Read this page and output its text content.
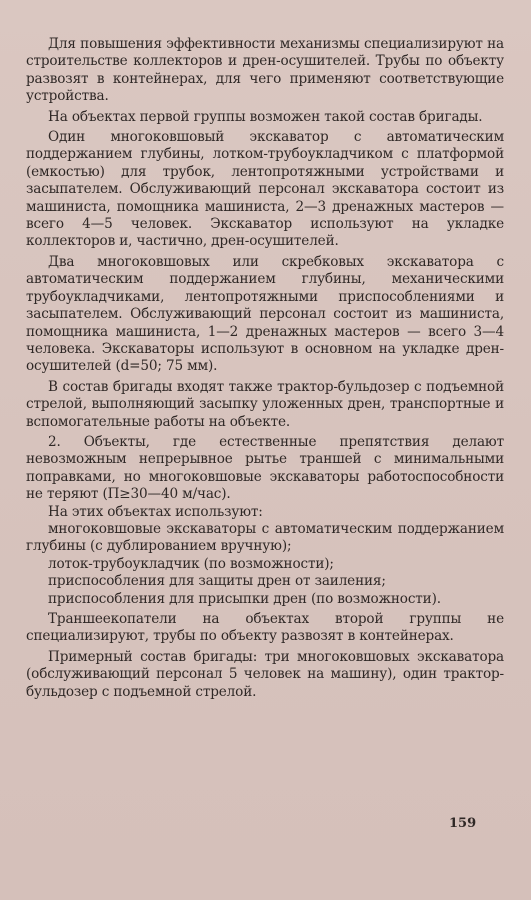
Для повышения эффективности механизмы специализируют на строительстве коллекторов и дрен-осушителей. Трубы по объекту развозят в контейнерах, для чего применяют соответствующие устройства.

На объектах первой группы возможен такой состав бригады.

Один многоковшовый экскаватор с автоматическим поддержанием глубины, лотком-трубоукладчиком с платформой (емкостью) для трубок, лентопротяжными устройствами и засыпателем. Обслуживающий персонал экскаватора состоит из машиниста, помощника машиниста, 2—3 дренажных мастеров — всего 4—5 человек. Экскаватор используют на укладке коллекторов и, частично, дрен-осушителей.

Два многоковшовых или скребковых экскаватора с автоматическим поддержанием глубины, механическими трубоукладчиками, лентопротяжными приспособлениями и засыпателем. Обслуживающий персонал состоит из машиниста, помощника машиниста, 1—2 дренажных мастеров — всего 3—4 человека. Экскаваторы используют в основном на укладке дрен-осушителей (d=50; 75 мм).

В состав бригады входят также трактор-бульдозер с подъемной стрелой, выполняющий засыпку уложенных дрен, транспортные и вспомогательные работы на объекте.

2. Объекты, где естественные препятствия делают невозможным непрерывное рытье траншей с минимальными поправками, но многоковшовые экскаваторы работоспособности не теряют (П≥30—40 м/час).

На этих объектах используют:

многоковшовые экскаваторы с автоматическим поддержанием глубины (с дублированием вручную);

лоток-трубоукладчик (по возможности);

приспособления для защиты дрен от заиления;

приспособления для присыпки дрен (по возможности).

Траншеекопатели на объектах второй группы не специализируют, трубы по объекту развозят в контейнерах.

Примерный состав бригады: три многоковшовых экскаватора (обслуживающий персонал 5 человек на машину), один трактор-бульдозер с подъемной стрелой.

159
